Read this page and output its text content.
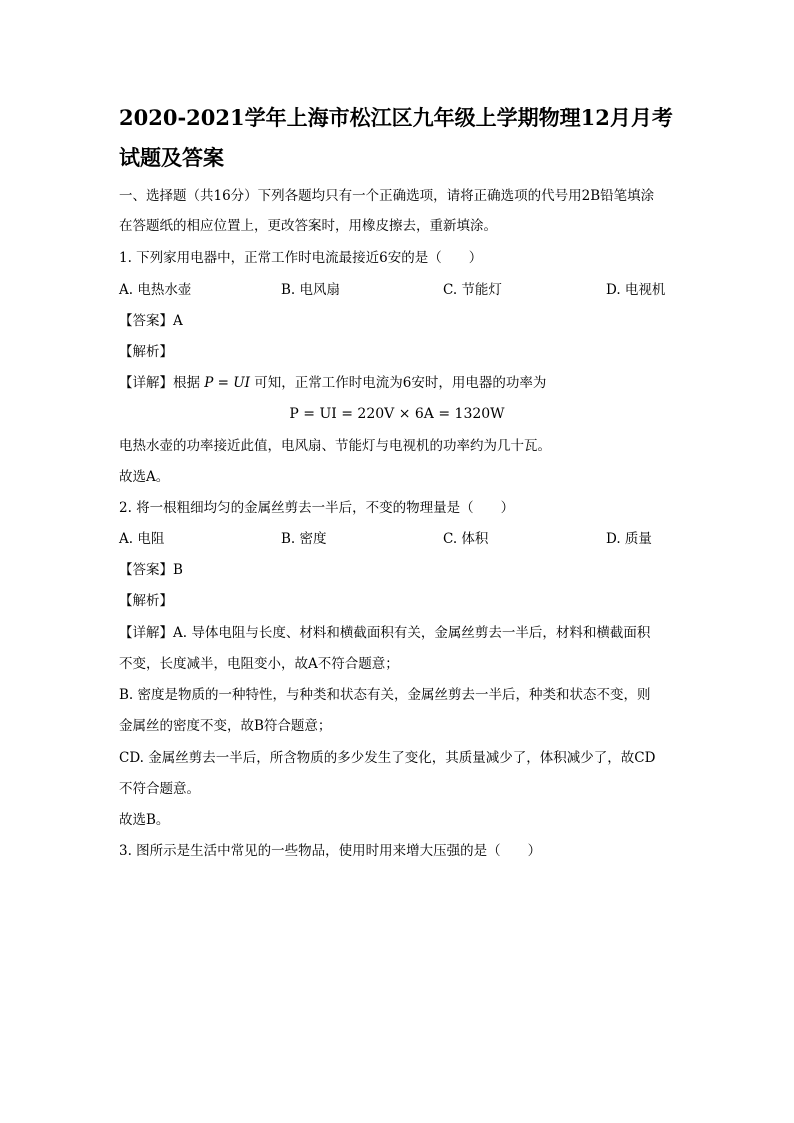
2020-2021学年上海市松江区九年级上学期物理12月月考
试题及答案
一、选择题（共16分）下列各题均只有一个正确选项，请将正确选项的代号用2B铅笔填涂
在答题纸的相应位置上，更改答案时，用橡皮擦去，重新填涂。
1. 下列家用电器中，正常工作时电流最接近6安的是（　　）
A. 电热水壶	B. 电风扇	C. 节能灯	D. 电视机
【答案】A
【解析】
【详解】根据 P = UI 可知，正常工作时电流为6安时，用电器的功率为
P = UI = 220V × 6A = 1320W
电热水壶的功率接近此值，电风扇、节能灯与电视机的功率约为几十瓦。
故选A。
2. 将一根粗细均匀的金属丝剪去一半后，不变的物理量是（　　）
A. 电阻	B. 密度	C. 体积	D. 质量
【答案】B
【解析】
【详解】A. 导体电阻与长度、材料和横截面积有关，金属丝剪去一半后，材料和横截面积
不变，长度减半，电阻变小，故A不符合题意；
B. 密度是物质的一种特性，与种类和状态有关，金属丝剪去一半后，种类和状态不变，则
金属丝的密度不变，故B符合题意；
CD. 金属丝剪去一半后，所含物质的多少发生了变化，其质量减少了，体积减少了，故CD
不符合题意。
故选B。
3. 图所示是生活中常见的一些物品，使用时用来增大压强的是（　　）
